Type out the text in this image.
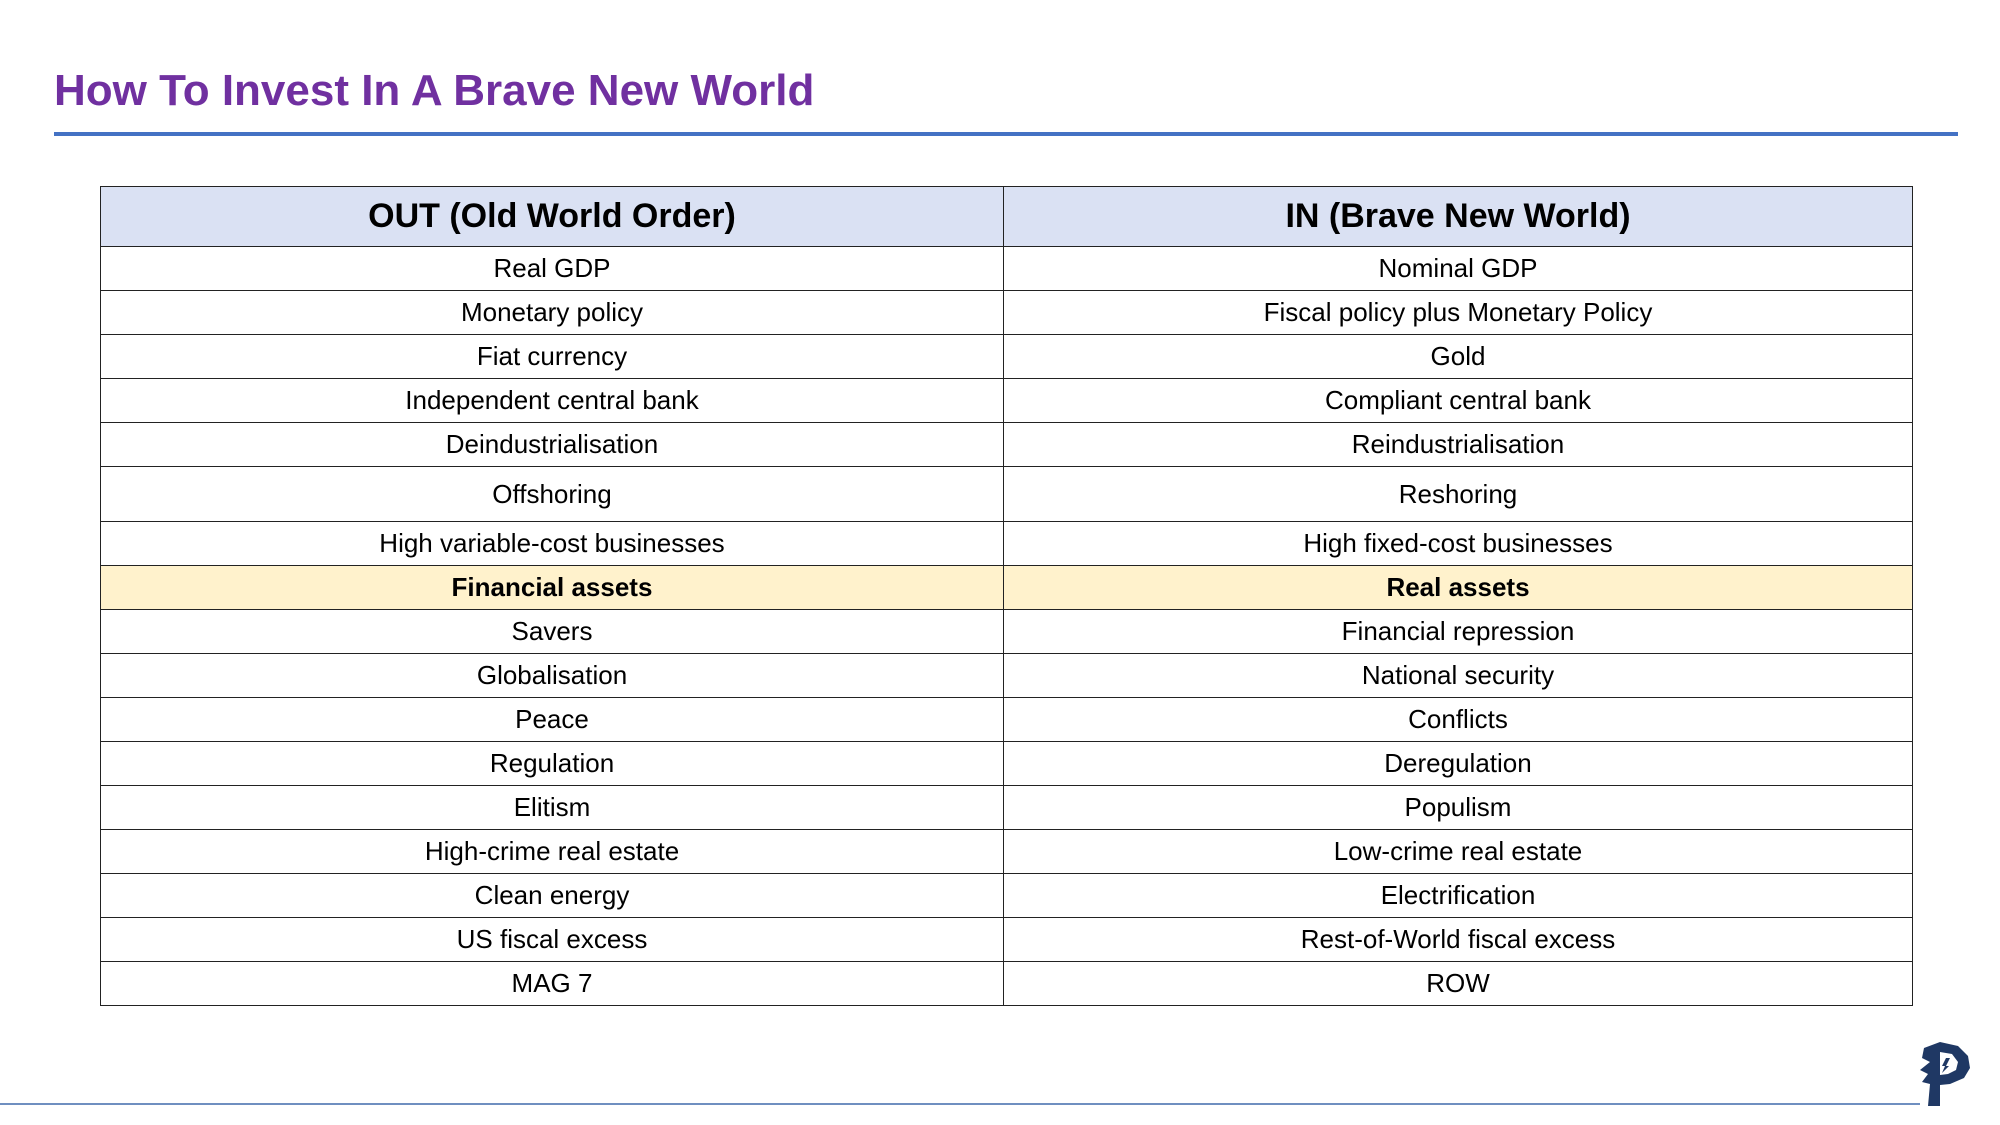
How To Invest In A Brave New World
OUT (Old World Order)	IN (Brave New World)
Real GDP	Nominal GDP
Monetary policy	Fiscal policy plus Monetary Policy
Fiat currency	Gold
Independent central bank	Compliant central bank
Deindustrialisation	Reindustrialisation
Offshoring	Reshoring
High variable-cost businesses	High fixed-cost businesses
Financial assets	Real assets
Savers	Financial repression
Globalisation	National security
Peace	Conflicts
Regulation	Deregulation
Elitism	Populism
High-crime real estate	Low-crime real estate
Clean energy	Electrification
US fiscal excess	Rest-of-World fiscal excess
MAG 7	ROW
